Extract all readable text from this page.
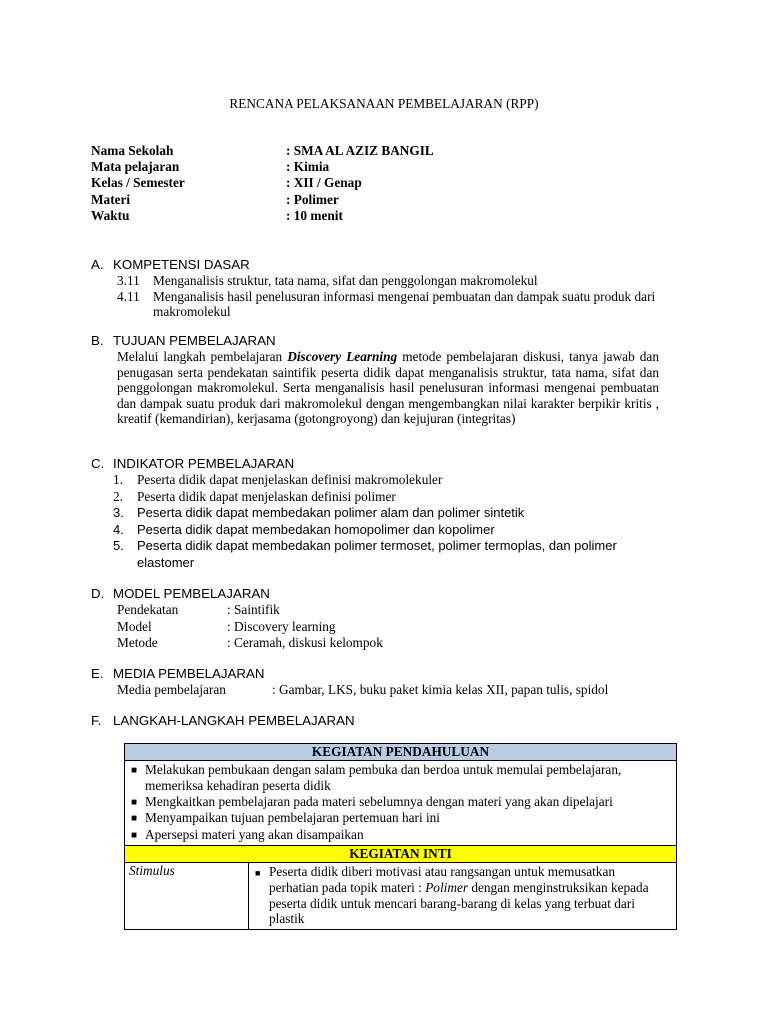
RENCANA PELAKSANAAN PEMBELAJARAN (RPP)
Nama Sekolah	: SMA AL AZIZ BANGIL
Mata pelajaran	: Kimia
Kelas / Semester	: XII / Genap
Materi	: Polimer
Waktu	: 10 menit
A. KOMPETENSI DASAR
3.11 Menganalisis struktur, tata nama, sifat dan penggolongan makromolekul
4.11 Menganalisis hasil penelusuran informasi mengenai pembuatan dan dampak suatu produk dari makromolekul
B. TUJUAN PEMBELAJARAN
Melalui langkah pembelajaran Discovery Learning metode pembelajaran diskusi, tanya jawab dan penugasan serta pendekatan saintifik peserta didik dapat menganalisis struktur, tata nama, sifat dan penggolongan makromolekul. Serta menganalisis hasil penelusuran informasi mengenai pembuatan dan dampak suatu produk dari makromolekul dengan mengembangkan nilai karakter berpikir kritis , kreatif (kemandirian), kerjasama (gotongroyong) dan kejujuran (integritas)
C. INDIKATOR PEMBELAJARAN
1.	Peserta didik dapat menjelaskan definisi makromolekuler
2.	Peserta didik dapat menjelaskan definisi polimer
3.	Peserta didik dapat membedakan polimer alam dan polimer sintetik
4.	Peserta didik dapat membedakan homopolimer dan kopolimer
5.	Peserta didik dapat membedakan polimer termoset, polimer termoplas, dan polimer elastomer
D. MODEL PEMBELAJARAN
Pendekatan	: Saintifik
Model	: Discovery learning
Metode	: Ceramah, diskusi kelompok
E. MEDIA PEMBELAJARAN
Media pembelajaran	: Gambar, LKS, buku paket kimia kelas XII, papan tulis, spidol
F. LANGKAH-LANGKAH PEMBELAJARAN
KEGIATAN PENDAHULUAN

■ Melakukan pembukaan dengan salam pembuka dan berdoa untuk memulai pembelajaran, memeriksa kehadiran peserta didik
■ Mengkaitkan pembelajaran pada materi sebelumnya dengan materi yang akan dipelajari
■ Menyampaikan tujuan pembelajaran pertemuan hari ini
■ Apersepsi materi yang akan disampaikan

KEGIATAN INTI
Stimulus	■ Peserta didik diberi motivasi atau rangsangan untuk memusatkan perhatian pada topik materi : Polimer dengan menginstruksikan kepada peserta didik untuk mencari barang-barang di kelas yang terbuat dari plastik
